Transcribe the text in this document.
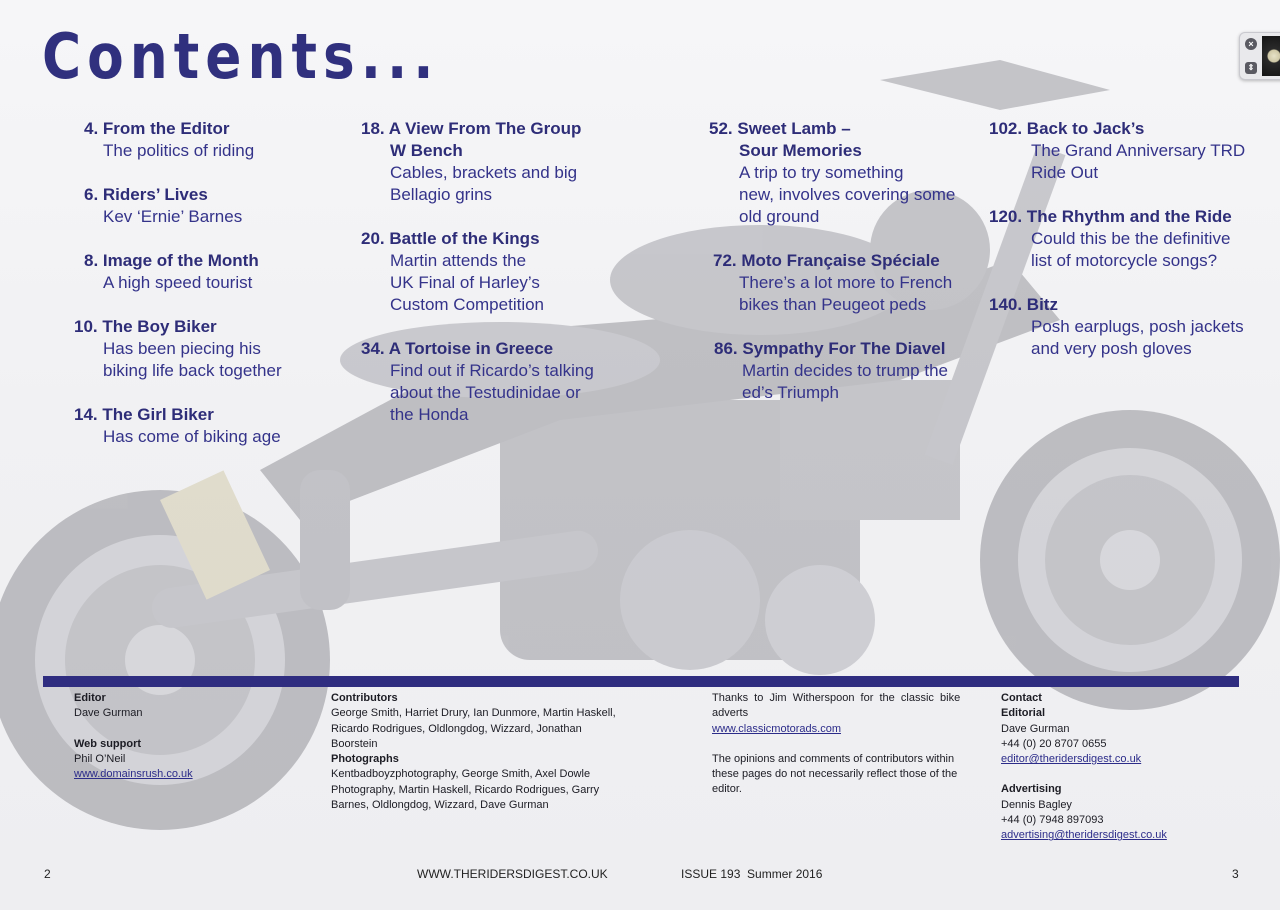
Contents...
4. From the Editor
The politics of riding
6. Riders’ Lives
Kev ‘Ernie’ Barnes
8. Image of the Month
A high speed tourist
10. The Boy Biker
Has been piecing his
biking life back together
14. The Girl Biker
Has come of biking age
18. A View From The Group
W Bench
Cables, brackets and big
Bellagio grins
20. Battle of the Kings
Martin attends the
UK Final of Harley’s
Custom Competition
34. A Tortoise in Greece
Find out if Ricardo’s talking
about the Testudinidae or
the Honda
52. Sweet Lamb –
Sour Memories
A trip to try something
new, involves covering some
old ground
72. Moto Française Spéciale
There’s a lot more to French
bikes than Peugeot peds
86. Sympathy For The Diavel
Martin decides to trump the
ed’s Triumph
102. Back to Jack’s
The Grand Anniversary TRD
Ride Out
120. The Rhythm and the Ride
Could this be the definitive
list of motorcycle songs?
140. Bitz
Posh earplugs, posh jackets
and very posh gloves
Editor
Dave Gurman
Web support
Phil O’Neil
www.domainsrush.co.uk
Contributors
George Smith, Harriet Drury, Ian Dunmore, Martin Haskell,
Ricardo Rodrigues, Oldlongdog, Wizzard, Jonathan
Boorstein
Photographs
Kentbadboyzphotography, George Smith, Axel Dowle
Photography, Martin Haskell, Ricardo Rodrigues, Garry
Barnes, Oldlongdog, Wizzard, Dave Gurman
Thanks  to  Jim  Witherspoon  for  the  classic  bike
adverts
www.classicmotorads.com
The opinions and comments of contributors within
these pages do not necessarily reflect those of the
editor.
Contact
Editorial
Dave Gurman
+44 (0) 20 8707 0655
editor@theridersdigest.co.uk
Advertising
Dennis Bagley
+44 (0) 7948 897093
advertising@theridersdigest.co.uk
2	WWW.THERIDERSDIGEST.CO.UK	ISSUE 193  Summer 2016	3
×
⇕
